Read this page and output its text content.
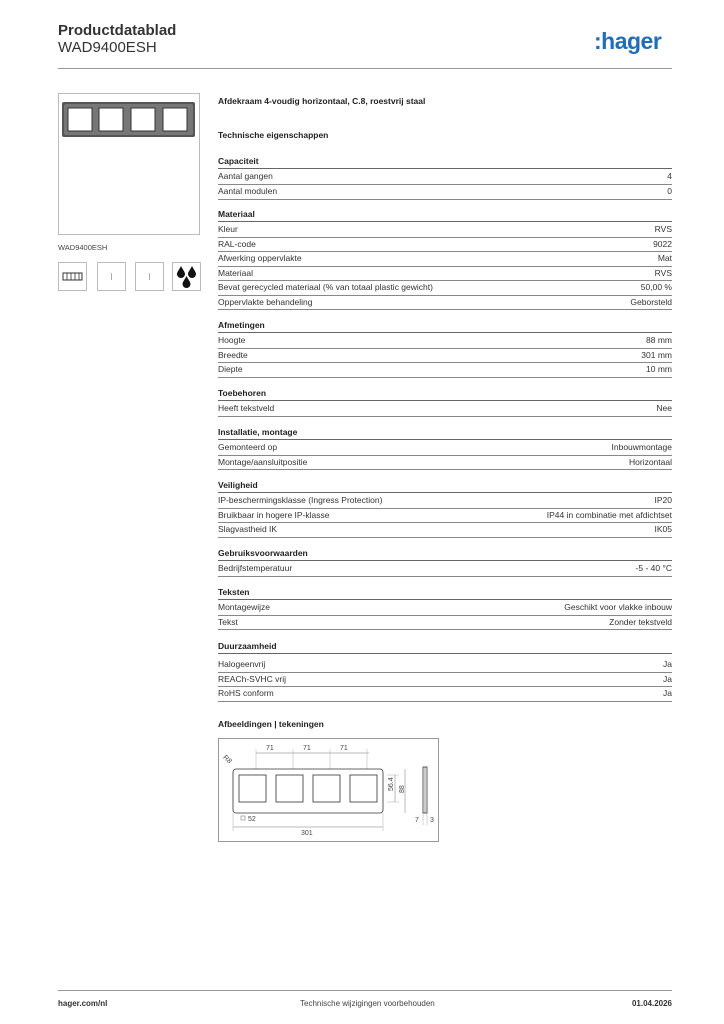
Productdatablad
WAD9400ESH	:hager
WAD9400ESH
Afdekraam 4-voudig horizontaal, C.8, roestvrij staal
Technische eigenschappen
Capaciteit
Aantal gangen	4
Aantal modulen	0
Materiaal
Kleur	RVS
RAL-code	9022
Afwerking oppervlakte	Mat
Materiaal	RVS
Bevat gerecycled materiaal (% van totaal plastic gewicht)	50,00 %
Oppervlakte behandeling	Geborsteld
Afmetingen
Hoogte	88 mm
Breedte	301 mm
Diepte	10 mm
Toebehoren
Heeft tekstveld	Nee
Installatie, montage
Gemonteerd op	Inbouwmontage
Montage/aansluitpositie	Horizontaal
Veiligheid
IP-beschermingsklasse (Ingress Protection)	IP20
Bruikbaar in hogere IP-klasse	IP44 in combinatie met afdichtset
Slagvastheid IK	IK05
Gebruiksvoorwaarden
Bedrijfstemperatuur	-5 - 40 °C
Teksten
Montagewijze	Geschikt voor vlakke inbouw
Tekst	Zonder tekstveld
Duurzaamheid
Halogeenvrij	Ja
REACh-SVHC vrij	Ja
RoHS conform	Ja
Afbeeldingen | tekeningen
71	71	71
R8
56.4 88
7 3
52
301
hager.com/nl	Technische wijzigingen voorbehouden	01.04.2026
